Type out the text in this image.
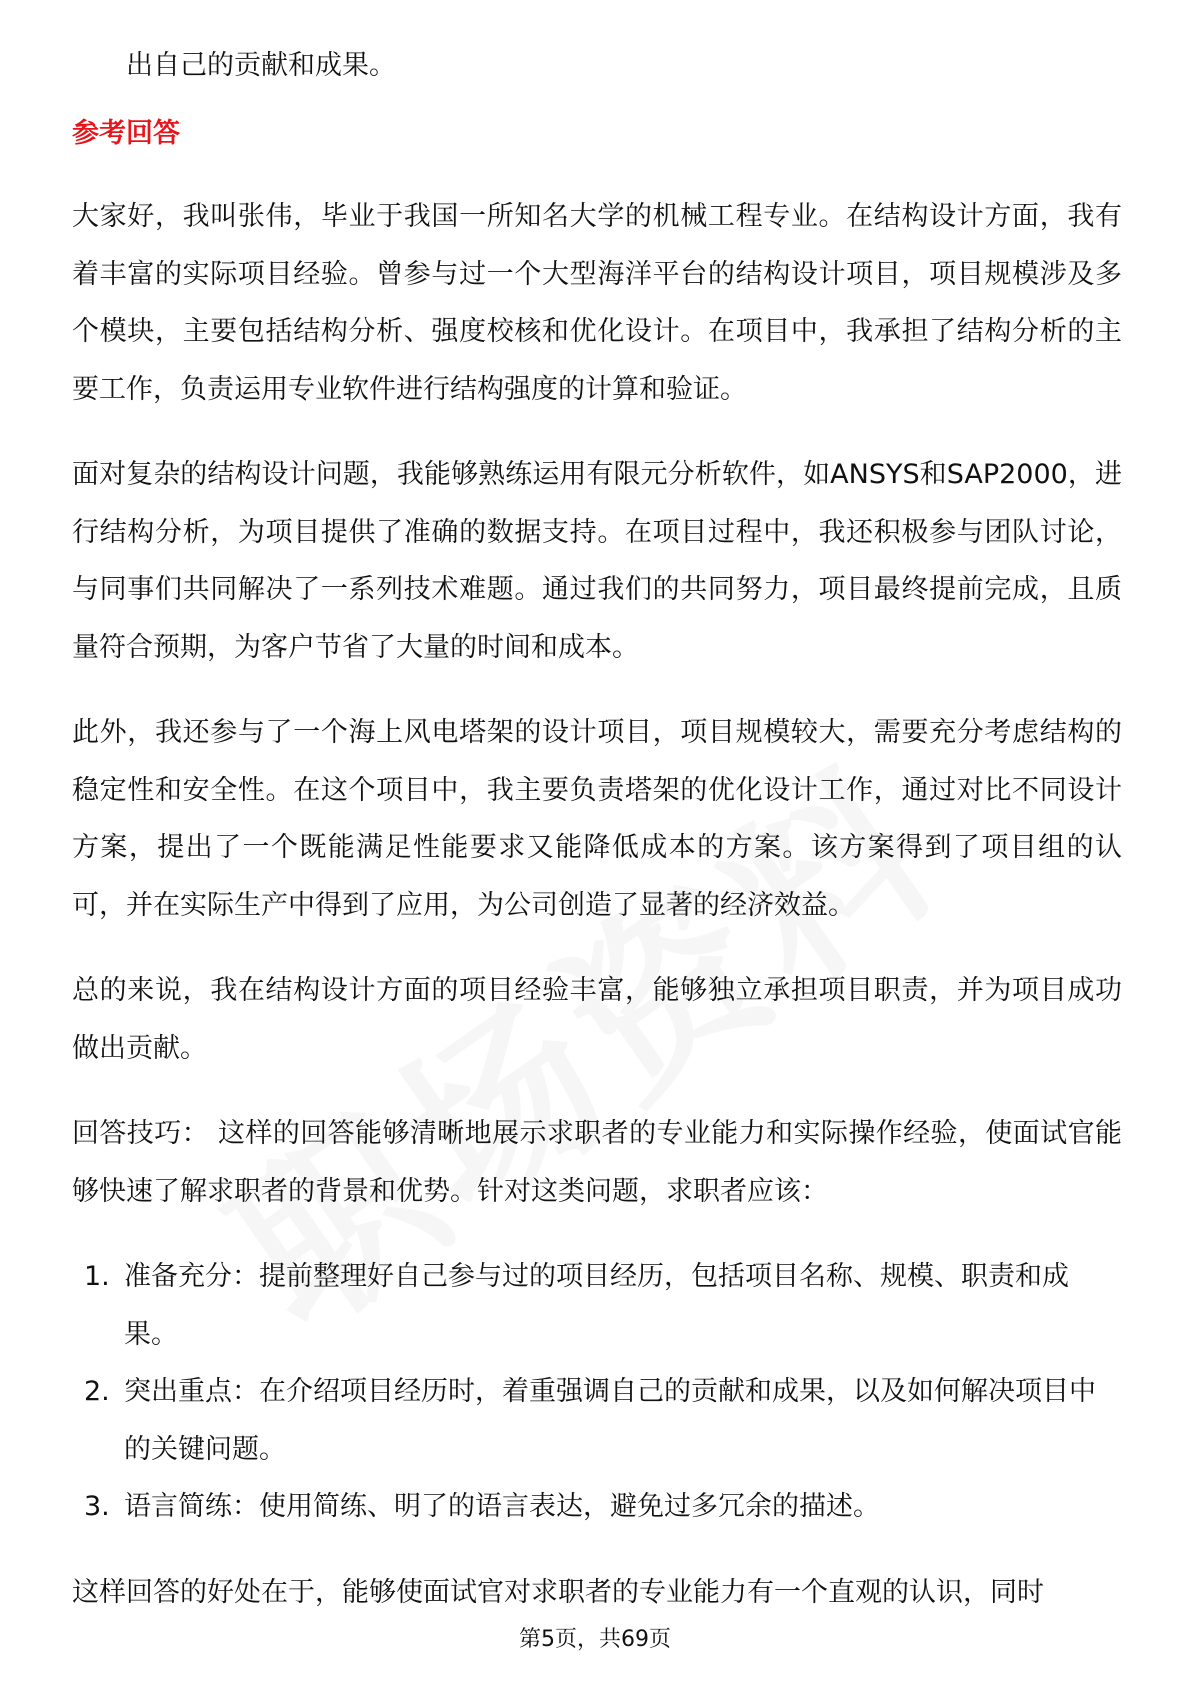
出自己的贡献和成果。

参考回答

大家好，我叫张伟，毕业于我国一所知名大学的机械工程专业。在结构设计方面，我有着丰富的实际项目经验。曾参与过一个大型海洋平台的结构设计项目，项目规模涉及多个模块，主要包括结构分析、强度校核和优化设计。在项目中，我承担了结构分析的主要工作，负责运用专业软件进行结构强度的计算和验证。

面对复杂的结构设计问题，我能够熟练运用有限元分析软件，如ANSYS和SAP2000，进行结构分析，为项目提供了准确的数据支持。在项目过程中，我还积极参与团队讨论，与同事们共同解决了一系列技术难题。通过我们的共同努力，项目最终提前完成，且质量符合预期，为客户节省了大量的时间和成本。

此外，我还参与了一个海上风电塔架的设计项目，项目规模较大，需要充分考虑结构的稳定性和安全性。在这个项目中，我主要负责塔架的优化设计工作，通过对比不同设计方案，提出了一个既能满足性能要求又能降低成本的方案。该方案得到了项目组的认可，并在实际生产中得到了应用，为公司创造了显著的经济效益。

总的来说，我在结构设计方面的项目经验丰富，能够独立承担项目职责，并为项目成功做出贡献。

回答技巧： 这样的回答能够清晰地展示求职者的专业能力和实际操作经验，使面试官能够快速了解求职者的背景和优势。针对这类问题，求职者应该：

1. 准备充分：提前整理好自己参与过的项目经历，包括项目名称、规模、职责和成果。
2. 突出重点：在介绍项目经历时，着重强调自己的贡献和成果，以及如何解决项目中的关键问题。
3. 语言简练：使用简练、明了的语言表达，避免过多冗余的描述。

这样回答的好处在于，能够使面试官对求职者的专业能力有一个直观的认识，同时

第5页，共69页
